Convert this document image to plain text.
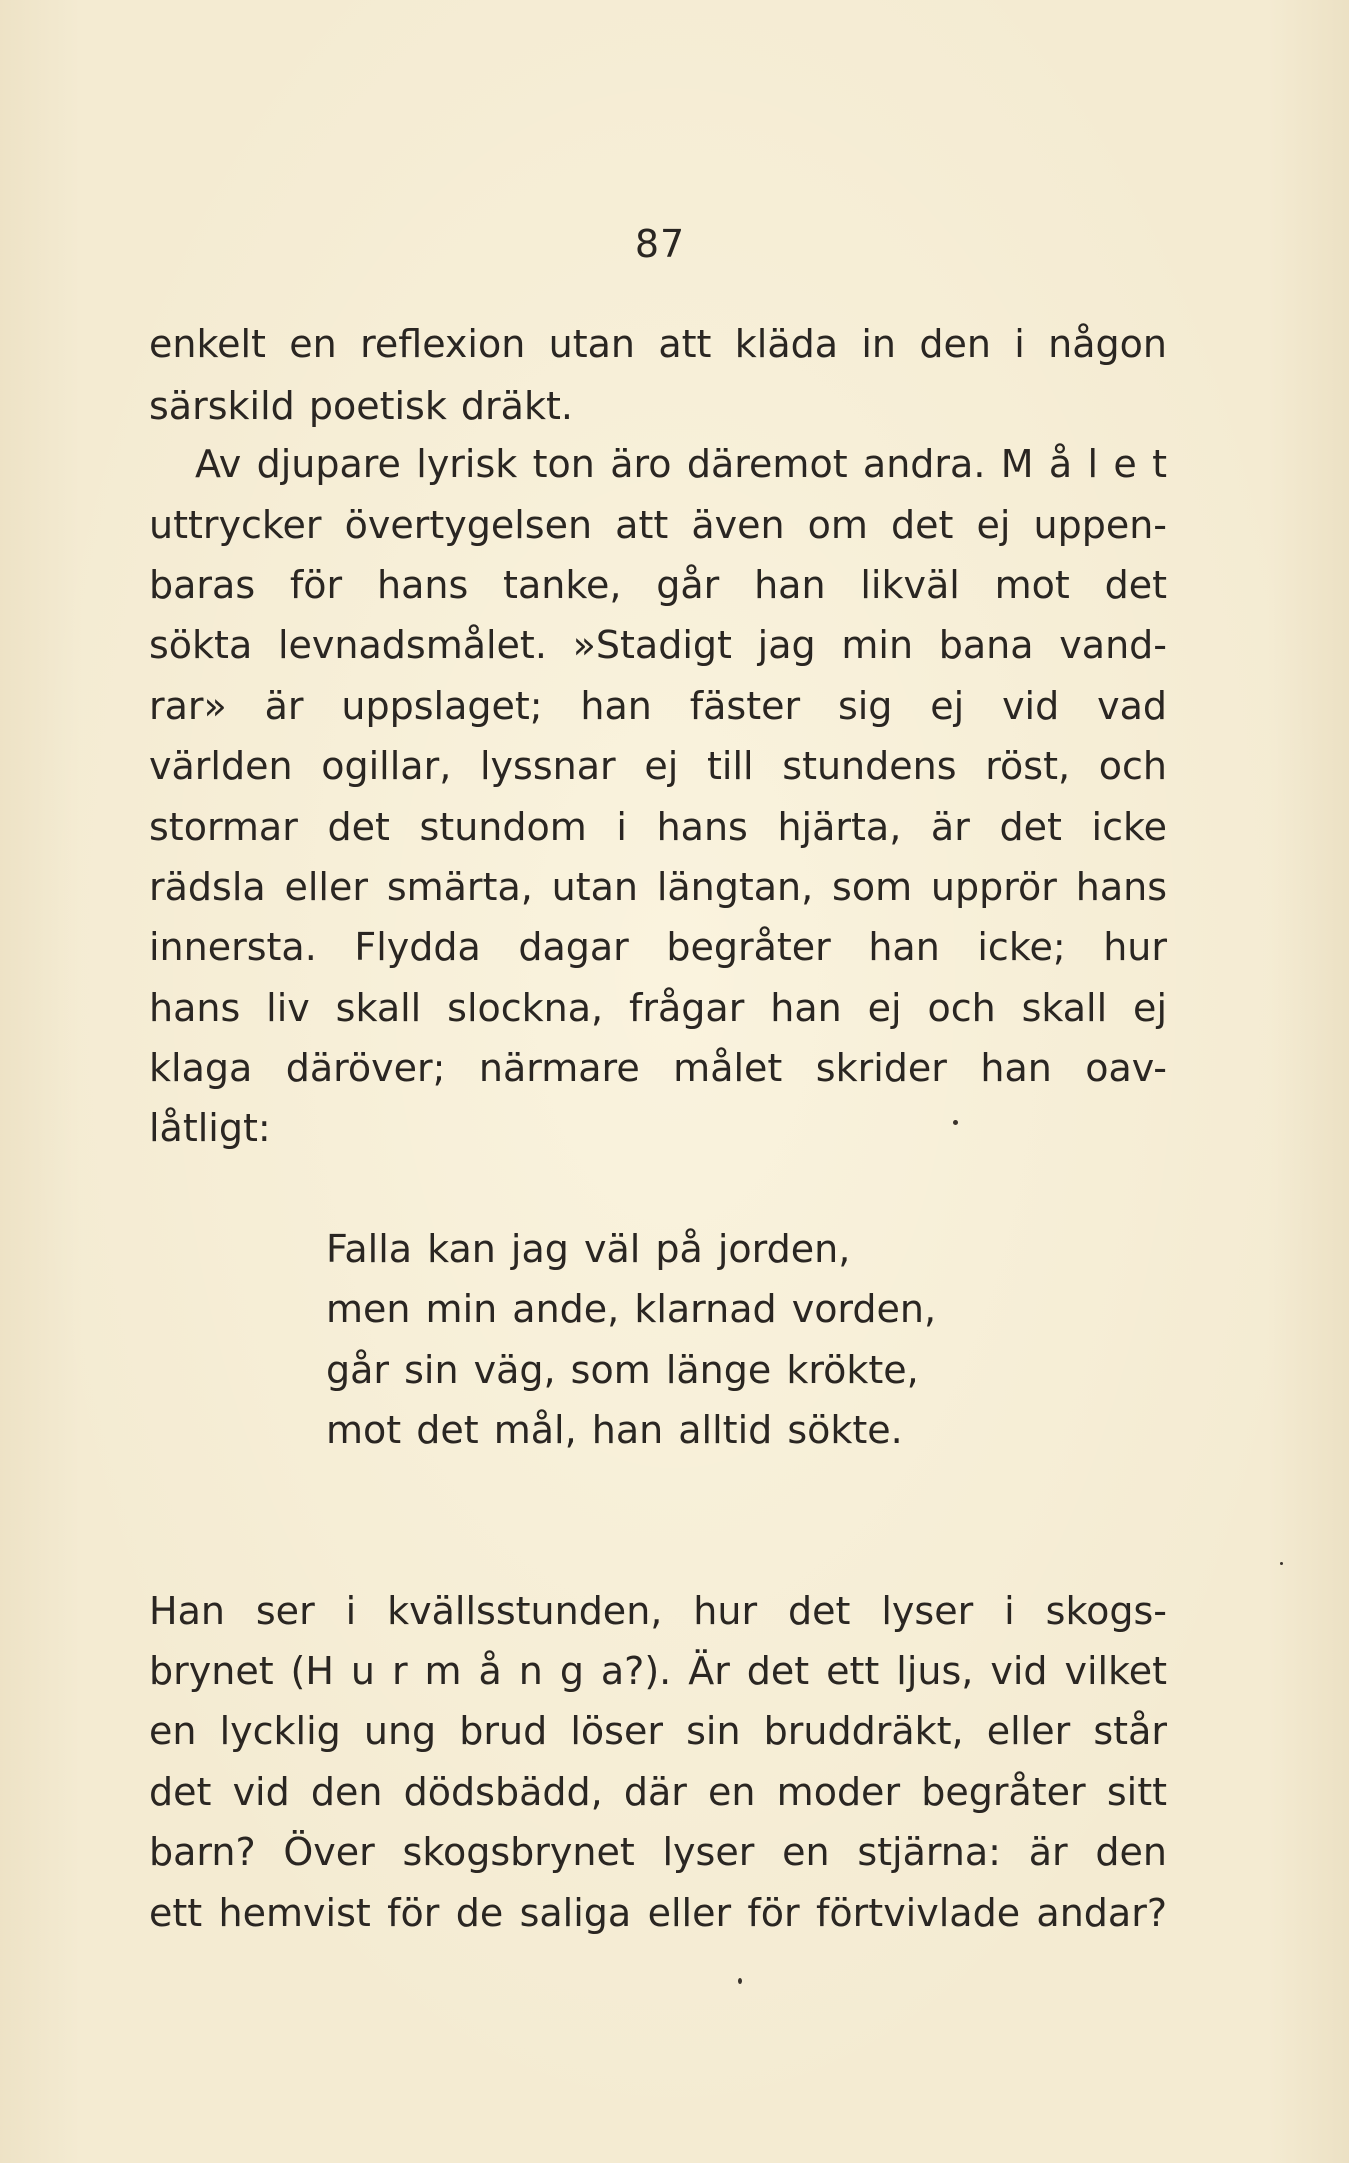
87
enkelt en reflexion utan att kläda in den i någon
särskild poetisk dräkt.
Av djupare lyrisk ton äro däremot andra. M å l e t
uttrycker övertygelsen att även om det ej uppen-
baras för hans tanke, går han likväl mot det
sökta levnadsmålet. »Stadigt jag min bana vand-
rar» är uppslaget; han fäster sig ej vid vad
världen ogillar, lyssnar ej till stundens röst, och
stormar det stundom i hans hjärta, är det icke
rädsla eller smärta, utan längtan, som upprör hans
innersta. Flydda dagar begråter han icke; hur
hans liv skall slockna, frågar han ej och skall ej
klaga däröver; närmare målet skrider han oav-
låtligt:
Falla kan jag väl på jorden,
men min ande, klarnad vorden,
går sin väg, som länge krökte,
mot det mål, han alltid sökte.
Han ser i kvällsstunden, hur det lyser i skogs-
brynet (H u r m å n g a?). Är det ett ljus, vid vilket
en lycklig ung brud löser sin bruddräkt, eller står
det vid den dödsbädd, där en moder begråter sitt
barn? Över skogsbrynet lyser en stjärna: är den
ett hemvist för de saliga eller för förtvivlade andar?
